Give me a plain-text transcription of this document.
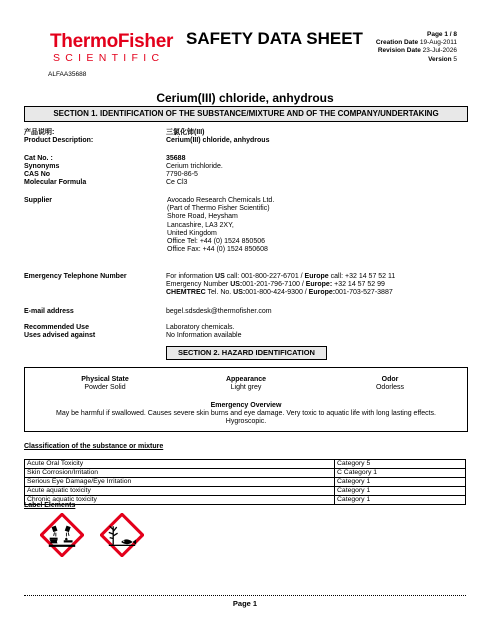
ThermoFisher
SCIENTIFIC
SAFETY DATA SHEET	Page 1 / 8
Creation Date 19-Aug-2011
Revision Date 23-Jul-2026
Version 5
ALFAA35688
Cerium(III) chloride, anhydrous
SECTION 1. IDENTIFICATION OF THE SUBSTANCE/MIXTURE AND OF THE COMPANY/UNDERTAKING
产品说明:	三氯化铈(III)
Product Description:	Cerium(III) chloride, anhydrous
Cat No. :	35688
Synonyms	Cerium trichloride.
CAS No	7790-86-5
Molecular Formula	Ce Cl3
Supplier	Avocado Research Chemicals Ltd.
(Part of Thermo Fisher Scientific)
Shore Road, Heysham
Lancashire, LA3 2XY,
United Kingdom
Office Tel: +44 (0) 1524 850506
Office Fax: +44 (0) 1524 850608
Emergency Telephone Number	For information US call: 001-800-227-6701 / Europe call: +32 14 57 52 11
Emergency Number US:001-201-796-7100 / Europe: +32 14 57 52 99
CHEMTREC Tel. No. US:001-800-424-9300 / Europe:001-703-527-3887
E-mail address	begel.sdsdesk@thermofisher.com
Recommended Use	Laboratory chemicals.
Uses advised against	No Information available
SECTION 2. HAZARD IDENTIFICATION
Physical State
Powder Solid
Appearance
Light grey
Odor
Odorless
Emergency Overview
May be harmful if swallowed. Causes severe skin burns and eye damage. Very toxic to aquatic life with long lasting effects.
Hygroscopic.
Classification of the substance or mixture
Acute Oral Toxicity	Category 5
Skin Corrosion/Irritation	C Category 1
Serious Eye Damage/Eye Irritation	Category 1
Acute aquatic toxicity	Category 1
Chronic aquatic toxicity	Category 1
Label Elements
Page 1
